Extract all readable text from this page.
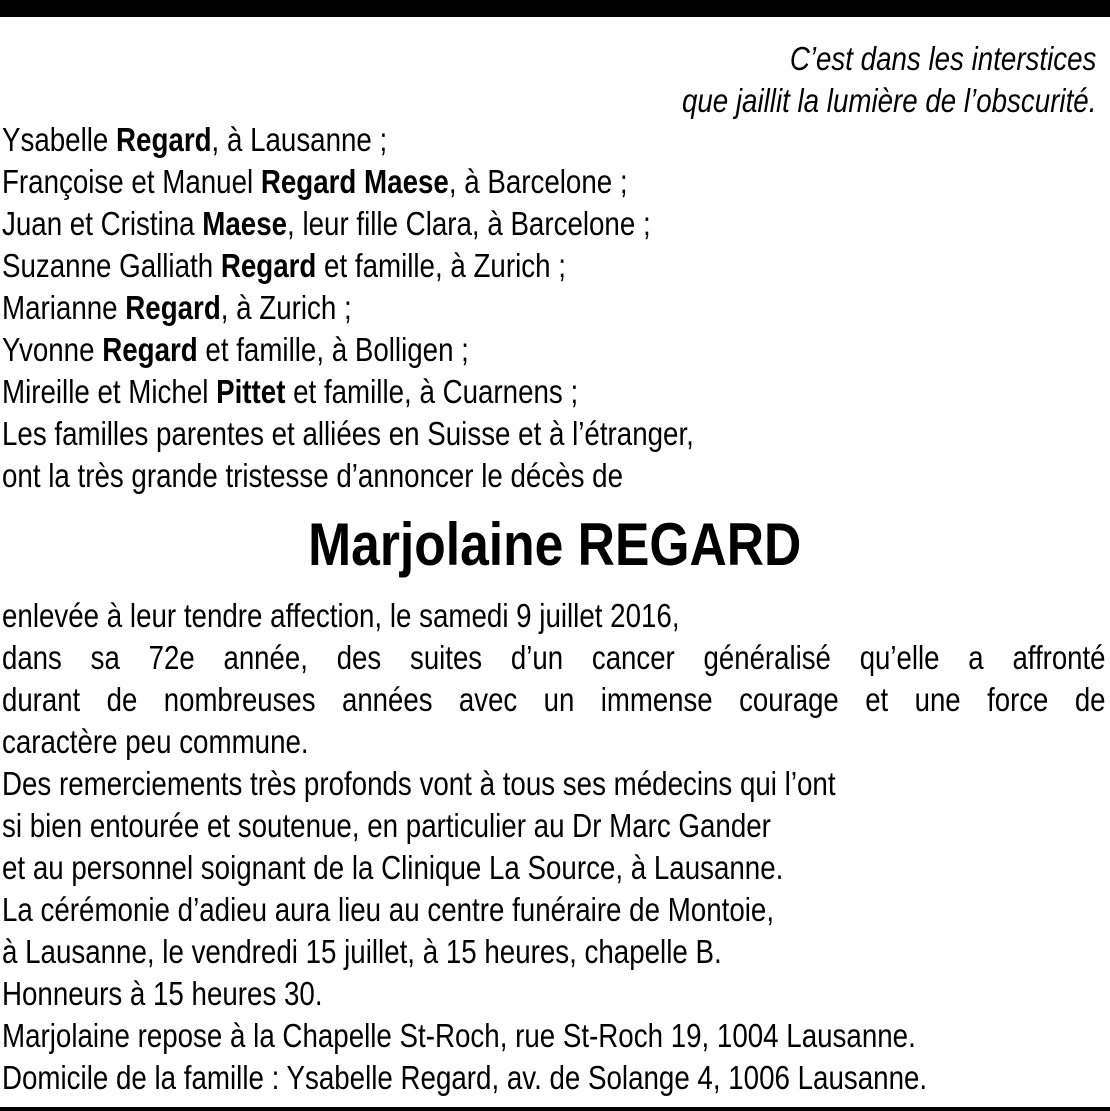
C’est dans les interstices
que jaillit la lumière de l’obscurité.
Ysabelle Regard, à Lausanne ;
Françoise et Manuel Regard Maese, à Barcelone ;
Juan et Cristina Maese, leur fille Clara, à Barcelone ;
Suzanne Galliath Regard et famille, à Zurich ;
Marianne Regard, à Zurich ;
Yvonne Regard et famille, à Bolligen ;
Mireille et Michel Pittet et famille, à Cuarnens ;
Les familles parentes et alliées en Suisse et à l’étranger,
ont la très grande tristesse d’annoncer le décès de
Marjolaine REGARD
enlevée à leur tendre affection, le samedi 9 juillet 2016,
dans sa 72e année, des suites d’un cancer généralisé qu’elle a affronté
durant de nombreuses années avec un immense courage et une force de
caractère peu commune.
Des remerciements très profonds vont à tous ses médecins qui l’ont
si bien entourée et soutenue, en particulier au Dr Marc Gander
et au personnel soignant de la Clinique La Source, à Lausanne.
La cérémonie d’adieu aura lieu au centre funéraire de Montoie,
à Lausanne, le vendredi 15 juillet, à 15 heures, chapelle B.
Honneurs à 15 heures 30.
Marjolaine repose à la Chapelle St-Roch, rue St-Roch 19, 1004 Lausanne.
Domicile de la famille : Ysabelle Regard, av. de Solange 4, 1006 Lausanne.
